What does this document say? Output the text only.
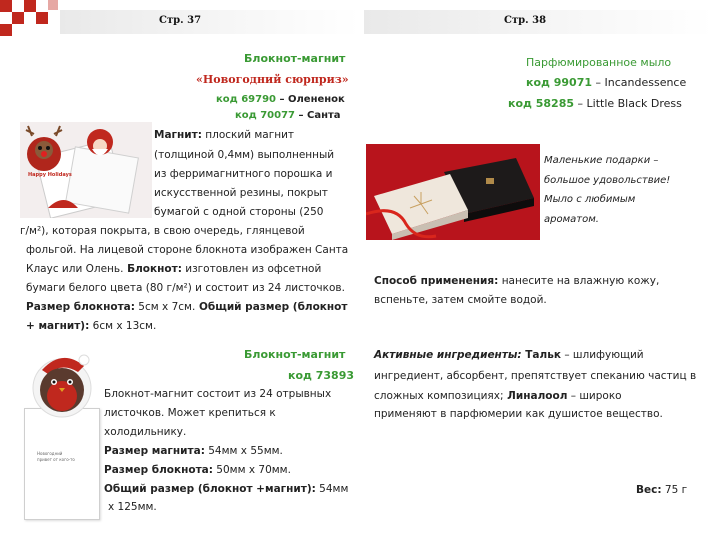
Стр. 37	Стр. 38
Блокнот-магнит
«Новогодний сюрприз»
код 69790 – Олененок
код 70077 – Санта
Happy Holidays
Магнит: плоский магнит
(толщиной 0,4мм) выполненный
из ферримагнитного порошка и
искусственной резины, покрыт
бумагой с одной стороны (250
г/м²), которая покрыта, в свою очередь, глянцевой
фольгой. На лицевой стороне блокнота изображен Санта
Клаус или Олень. Блокнот: изготовлен из офсетной
бумаги белого цвета (80 г/м²) и состоит из 24 листочков.
Размер блокнота: 5см х 7см. Общий размер (блокнот
+ магнит): 6см х 13см.
Блокнот-магнит
код 73893
Новогодний привет от кого-то
Блокнот-магнит состоит из 24 отрывных
листочков. Может крепиться к
холодильнику.
Размер магнита: 54мм х 55мм.
Размер блокнота: 50мм х 70мм.
Общий размер (блокнот +магнит): 54мм
х 125мм.
Парфюмированное мыло
код 99071 – Incandessence
код 58285 – Little Black Dress
Маленькие подарки –
большое удовольствие!
Мыло с любимым
ароматом.
Способ применения: нанесите на влажную кожу,
вспеньте, затем смойте водой.
Активные ингредиенты: Тальк – шлифующий
ингредиент, абсорбент, препятствует спеканию частиц в
сложных композициях; Линалоол – широко
применяют в парфюмерии как душистое вещество.
Вес: 75 г
